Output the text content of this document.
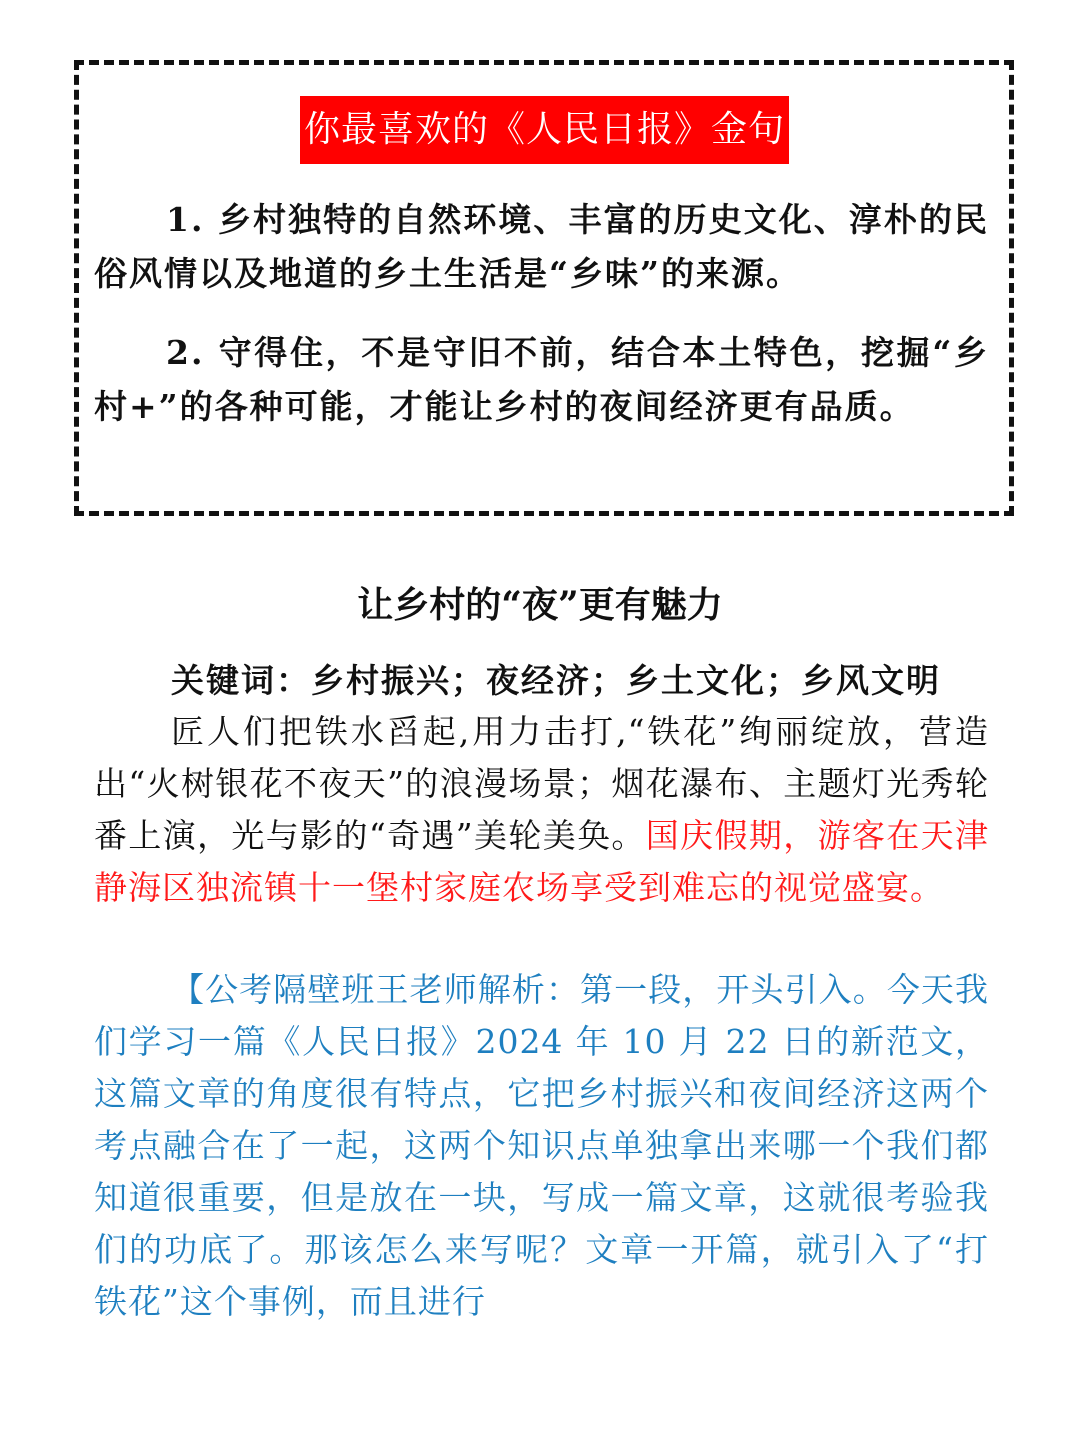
你最喜欢的《人民日报》金句

1. 乡村独特的自然环境、丰富的历史文化、淳朴的民俗风情以及地道的乡土生活是“乡味”的来源。

2. 守得住，不是守旧不前，结合本土特色，挖掘“乡村+”的各种可能，才能让乡村的夜间经济更有品质。

让乡村的“夜”更有魅力

关键词：乡村振兴；夜经济；乡土文化；乡风文明

匠人们把铁水舀起,用力击打,“铁花”绚丽绽放，营造出“火树银花不夜天”的浪漫场景；烟花瀑布、主题灯光秀轮番上演，光与影的“奇遇”美轮美奂。国庆假期，游客在天津静海区独流镇十一堡村家庭农场享受到难忘的视觉盛宴。

【公考隔壁班王老师解析：第一段，开头引入。今天我们学习一篇《人民日报》2024 年 10 月 22 日的新范文，这篇文章的角度很有特点，它把乡村振兴和夜间经济这两个考点融合在了一起，这两个知识点单独拿出来哪一个我们都知道很重要，但是放在一块，写成一篇文章，这就很考验我们的功底了。那该怎么来写呢？文章一开篇，就引入了“打铁花”这个事例，而且进行
